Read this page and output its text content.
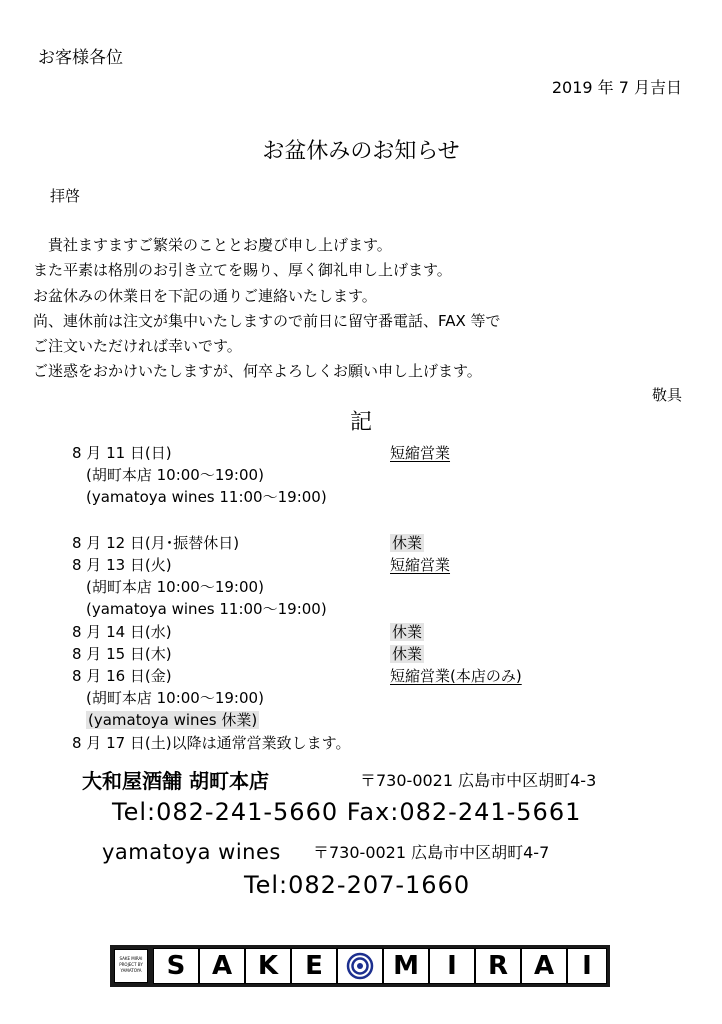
お客様各位
2019 年 7 月吉日
お盆休みのお知らせ
拝啓
　貴社ますますご繁栄のこととお慶び申し上げます。
また平素は格別のお引き立てを賜り、厚く御礼申し上げます。
お盆休みの休業日を下記の通りご連絡いたします。
尚、連休前は注文が集中いたしますので前日に留守番電話、FAX 等で
ご注文いただければ幸いです。
ご迷惑をおかけいたしますが、何卒よろしくお願い申し上げます。
敬具
記
8 月 11 日(日)	短縮営業
(胡町本店 10:00～19:00)
(yamatoya wines 11:00～19:00)
8 月 12 日(月･振替休日)	休業
8 月 13 日(火)	短縮営業
(胡町本店 10:00～19:00)
(yamatoya wines 11:00～19:00)
8 月 14 日(水)	休業
8 月 15 日(木)	休業
8 月 16 日(金)	短縮営業(本店のみ)
(胡町本店 10:00～19:00)
(yamatoya wines 休業)
8 月 17 日(土)以降は通常営業致します。
大和屋酒舗 胡町本店	〒730-0021 広島市中区胡町4-3
Tel:082-241-5660 Fax:082-241-5661
yamatoya wines 〒730-0021 広島市中区胡町4-7
Tel:082-207-1660
SAKE MIRAI PROJECT BY YAMATOYA S	A K	E	M	I	R A	I
